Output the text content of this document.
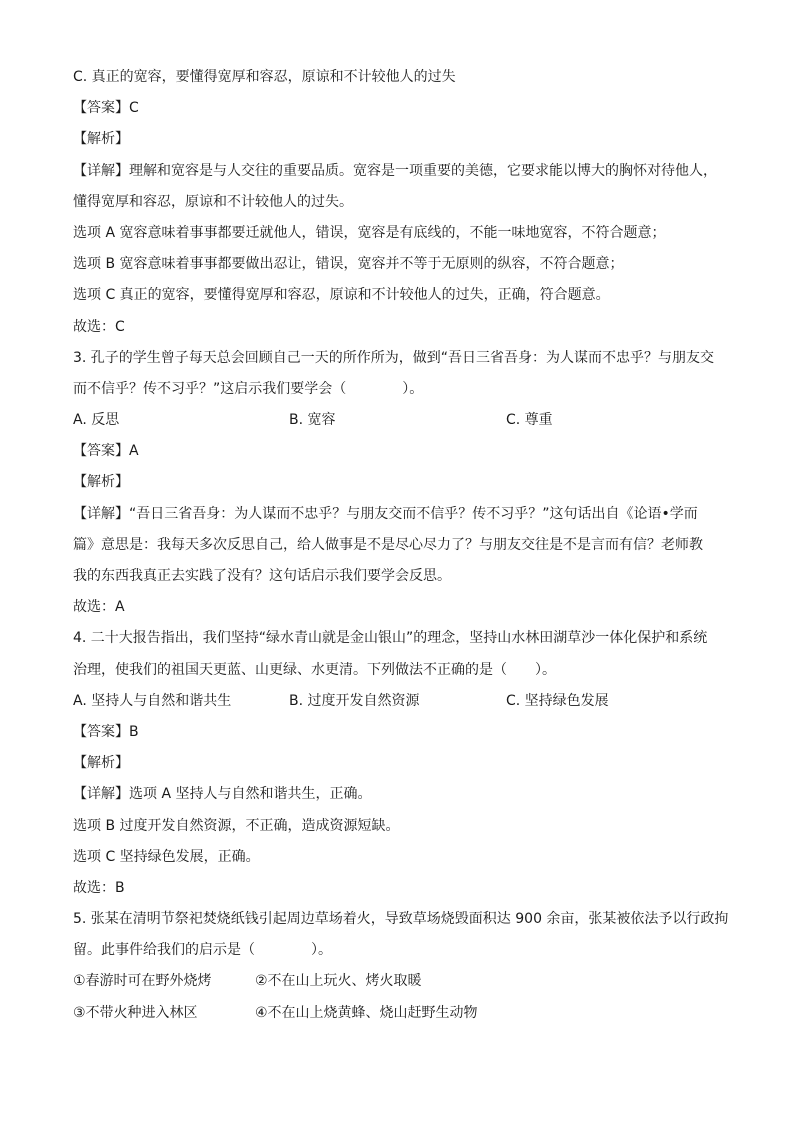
C. 真正的宽容，要懂得宽厚和容忍，原谅和不计较他人的过失
【答案】C
【解析】
【详解】理解和宽容是与人交往的重要品质。宽容是一项重要的美德，它要求能以博大的胸怀对待他人，
懂得宽厚和容忍，原谅和不计较他人的过失。
选项 A 宽容意味着事事都要迁就他人，错误，宽容是有底线的，不能一味地宽容，不符合题意；
选项 B 宽容意味着事事都要做出忍让，错误，宽容并不等于无原则的纵容，不符合题意；
选项 C 真正的宽容，要懂得宽厚和容忍，原谅和不计较他人的过失，正确，符合题意。
故选：C
3. 孔子的学生曾子每天总会回顾自己一天的所作所为，做到“吾日三省吾身：为人谋而不忠乎？与朋友交
而不信乎？传不习乎？”这启示我们要学会（　　　　）。
A. 反思	B. 宽容	C. 尊重
【答案】A
【解析】
【详解】“吾日三省吾身：为人谋而不忠乎？与朋友交而不信乎？传不习乎？”这句话出自《论语•学而
篇》意思是：我每天多次反思自己，给人做事是不是尽心尽力了？与朋友交往是不是言而有信？老师教
我的东西我真正去实践了没有？这句话启示我们要学会反思。
故选：A
4. 二十大报告指出，我们坚持“绿水青山就是金山银山”的理念，坚持山水林田湖草沙一体化保护和系统
治理，使我们的祖国天更蓝、山更绿、水更清。下列做法不正确的是（　　）。
A. 坚持人与自然和谐共生	B. 过度开发自然资源	C. 坚持绿色发展
【答案】B
【解析】
【详解】选项 A 坚持人与自然和谐共生，正确。
选项 B 过度开发自然资源，不正确，造成资源短缺。
选项 C 坚持绿色发展，正确。
故选：B
5. 张某在清明节祭祀焚烧纸钱引起周边草场着火，导致草场烧毁面积达 900 余亩，张某被依法予以行政拘
留。此事件给我们的启示是（　　　　）。
①春游时可在野外烧烤	②不在山上玩火、烤火取暖
③不带火种进入林区	④不在山上烧黄蜂、烧山赶野生动物
